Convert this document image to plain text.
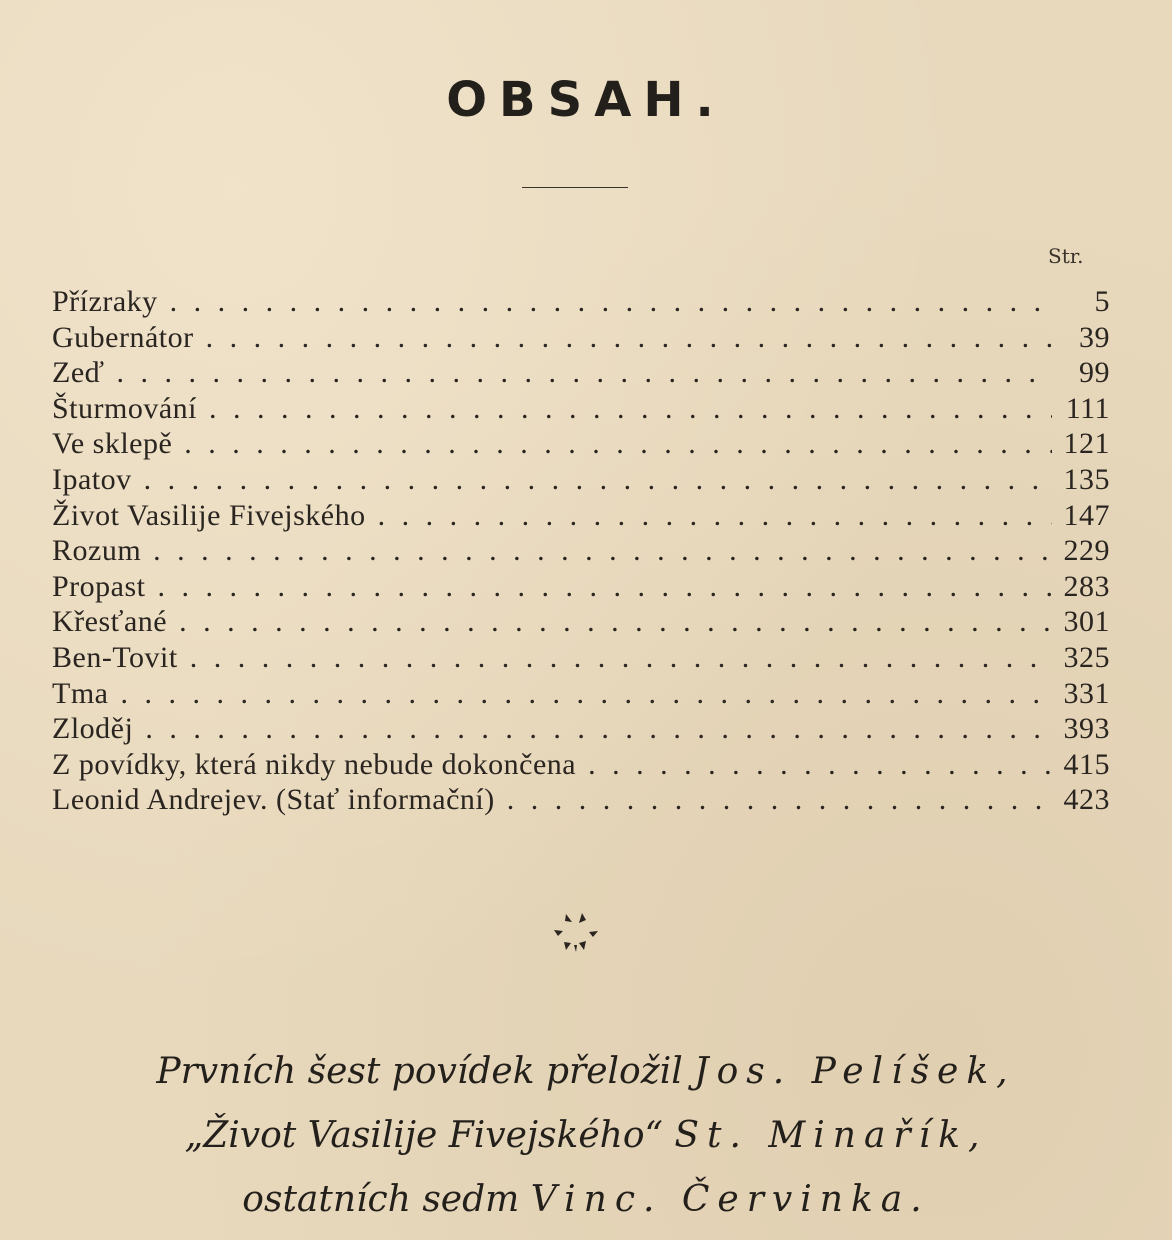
OBSAH.
Str.
Přízraky . . .	5
Gubernátor . . .	39
Zeď . . .	99
Šturmování . . .	111
Ve sklepě . . .	121
Ipatov . . .	135
Život Vasilije Fivejského . . .	147
Rozum . . .	229
Propast . . .	283
Křesťané . . .	301
Ben-Tovit . . .	325
Tma . . .	331
Zloděj . . .	393
Z povídky, která nikdy nebude dokončena . . .	415
Leonid Andrejev. (Stať informační) . . .	423
Prvních šest povídek přeložil Jos. Pelíšek,
„Život Vasilije Fivejského“ St. Minařík,
ostatních sedm Vinc. Červinka.
